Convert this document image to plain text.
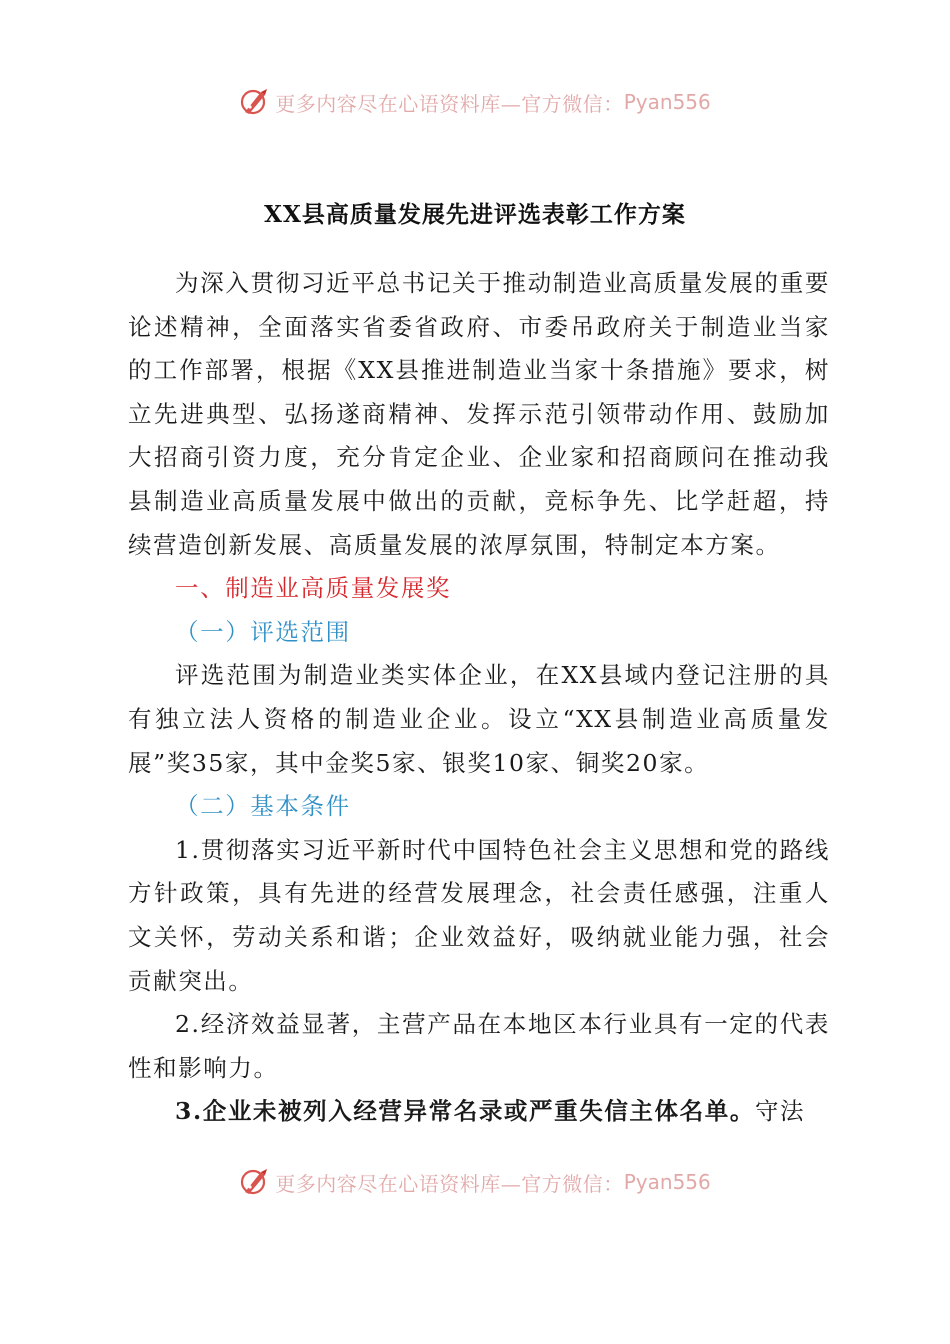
更多内容尽在心语资料库—官方微信： Pyan556
XX县高质量发展先进评选表彰工作方案

为深入贯彻习近平总书记关于推动制造业高质量发展的重要论述精神，全面落实省委省政府、市委吊政府关于制造业当家的工作部署，根据《XX县推进制造业当家十条措施》要求，树立先进典型、弘扬遂商精神、发挥示范引领带动作用、鼓励加大招商引资力度，充分肯定企业、企业家和招商顾问在推动我县制造业高质量发展中做出的贡献，竞标争先、比学赶超，持续营造创新发展、高质量发展的浓厚氛围，特制定本方案。

一、制造业高质量发展奖

（一）评选范围

评选范围为制造业类实体企业，在XX县域内登记注册的具有独立法人资格的制造业企业。设立“XX县制造业高质量发展”奖35家，其中金奖5家、银奖10家、铜奖20家。

（二）基本条件

1.贯彻落实习近平新时代中国特色社会主义思想和党的路线方针政策，具有先进的经营发展理念，社会责任感强，注重人文关怀，劳动关系和谐；企业效益好，吸纳就业能力强，社会贡献突出。

2.经济效益显著，主营产品在本地区本行业具有一定的代表性和影响力。

3.企业未被列入经营异常名录或严重失信主体名单。守法

更多内容尽在心语资料库—官方微信： Pyan556
